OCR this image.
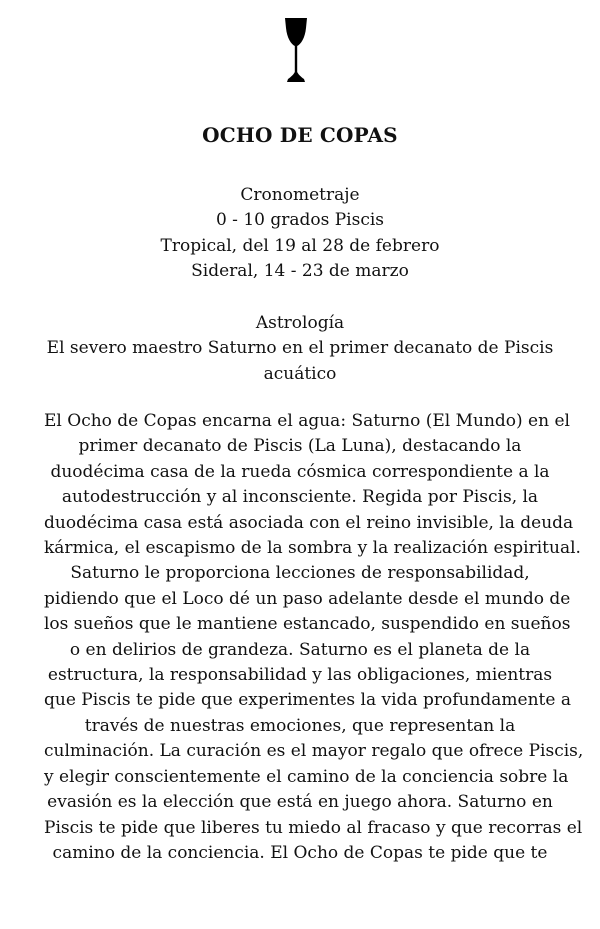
OCHO DE COPAS
Cronometraje
0 - 10 grados Piscis
Tropical, del 19 al 28 de febrero
Sideral, 14 - 23 de marzo
Astrología
El severo maestro Saturno en el primer decanato de Piscis
acuático
El Ocho de Copas encarna el agua: Saturno (El Mundo) en el
primer decanato de Piscis (La Luna), destacando la
duodécima casa de la rueda cósmica correspondiente a la
autodestrucción y al inconsciente. Regida por Piscis, la
duodécima casa está asociada con el reino invisible, la deuda
kármica, el escapismo de la sombra y la realización espiritual.
Saturno le proporciona lecciones de responsabilidad,
pidiendo que el Loco dé un paso adelante desde el mundo de
los sueños que le mantiene estancado, suspendido en sueños
o en delirios de grandeza. Saturno es el planeta de la
estructura, la responsabilidad y las obligaciones, mientras
que Piscis te pide que experimentes la vida profundamente a
través de nuestras emociones, que representan la
culminación. La curación es el mayor regalo que ofrece Piscis,
y elegir conscientemente el camino de la conciencia sobre la
evasión es la elección que está en juego ahora. Saturno en
Piscis te pide que liberes tu miedo al fracaso y que recorras el
camino de la conciencia. El Ocho de Copas te pide que te
